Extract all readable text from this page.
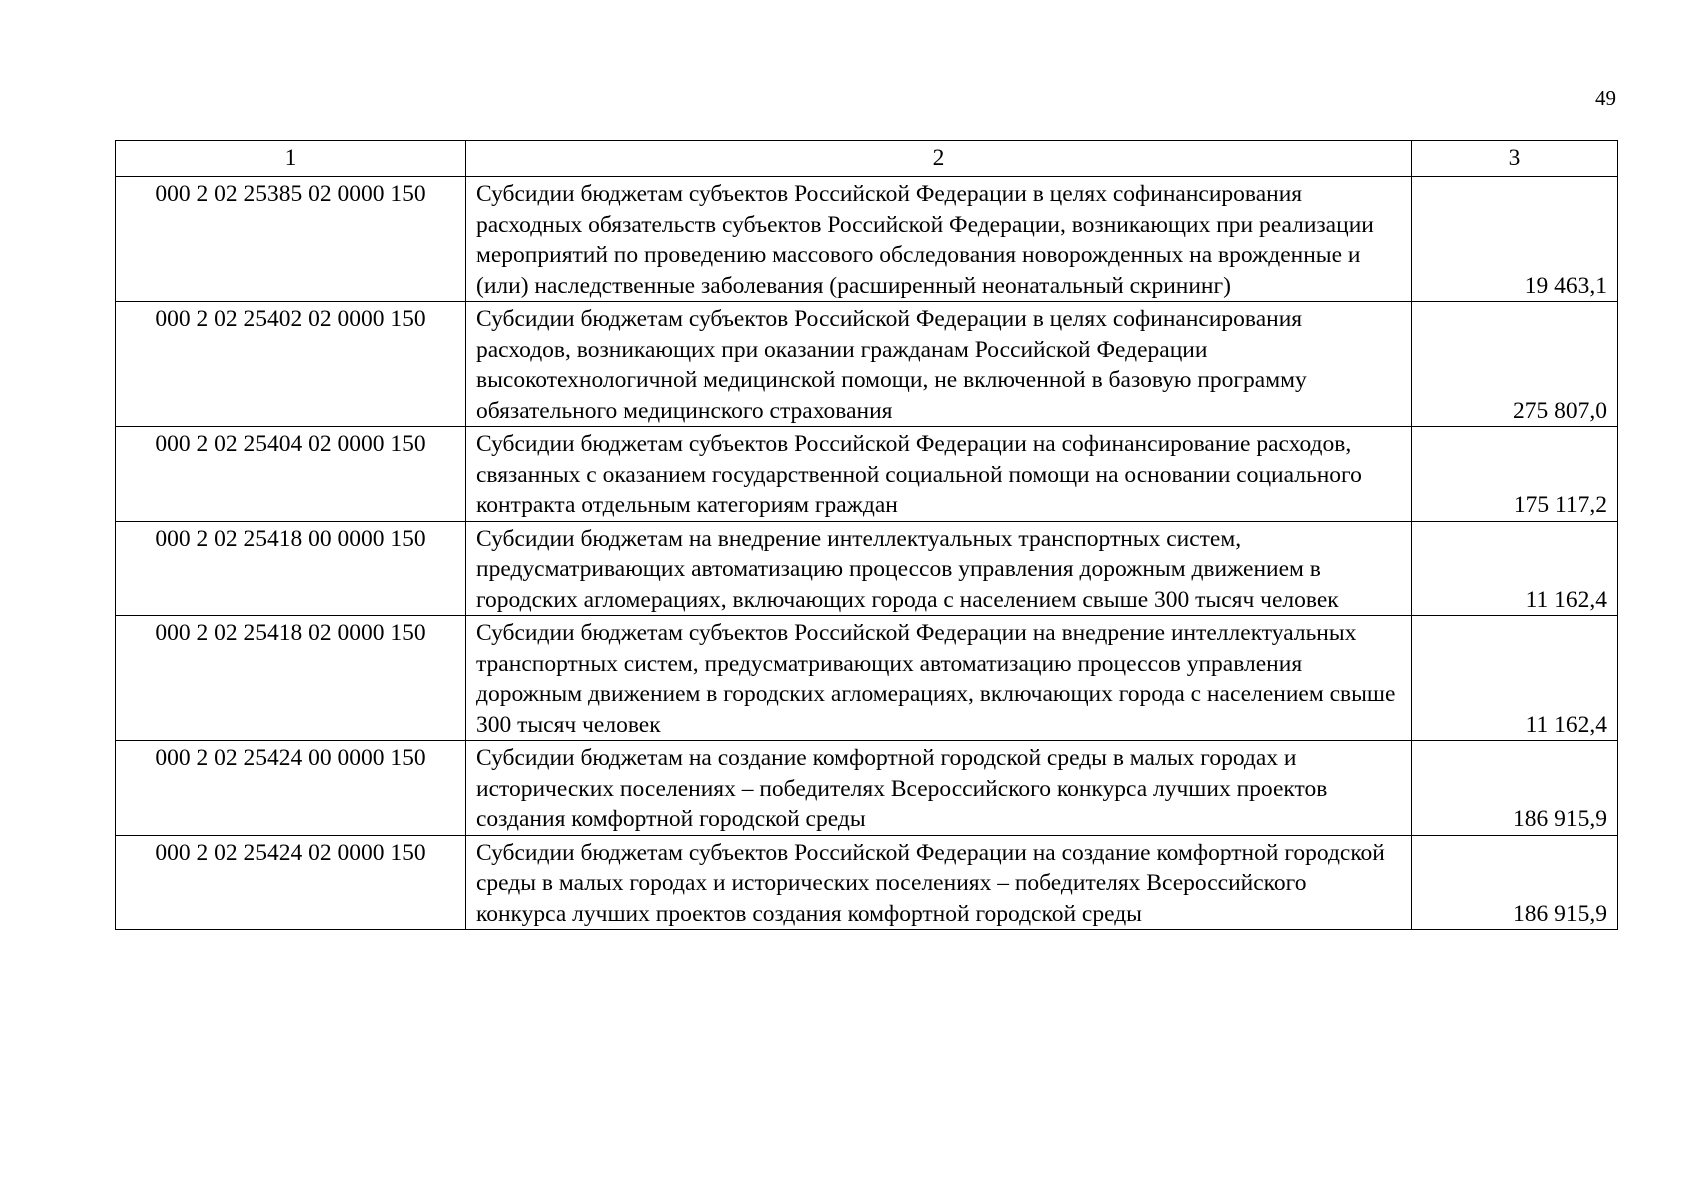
49
1	2	3
000 2 02 25385 02 0000 150	Субсидии бюджетам субъектов Российской Федерации в целях софинансирования расходных обязательств субъектов Российской Федерации, возникающих при реализации мероприятий по проведению массового обследования новорожденных на врожденные и (или) наследственные заболевания (расширенный неонатальный скрининг)	19 463,1
000 2 02 25402 02 0000 150	Субсидии бюджетам субъектов Российской Федерации в целях софинансирования расходов, возникающих при оказании гражданам Российской Федерации высокотехнологичной медицинской помощи, не включенной в базовую программу обязательного медицинского страхования	275 807,0
000 2 02 25404 02 0000 150	Субсидии бюджетам субъектов Российской Федерации на софинансирование расходов, связанных с оказанием государственной социальной помощи на основании социального контракта отдельным категориям граждан	175 117,2
000 2 02 25418 00 0000 150	Субсидии бюджетам на внедрение интеллектуальных транспортных систем, предусматривающих автоматизацию процессов управления дорожным движением в городских агломерациях, включающих города с населением свыше 300 тысяч человек	11 162,4
000 2 02 25418 02 0000 150	Субсидии бюджетам субъектов Российской Федерации на внедрение интеллектуальных транспортных систем, предусматривающих автоматизацию процессов управления дорожным движением в городских агломерациях, включающих города с населением свыше 300 тысяч человек	11 162,4
000 2 02 25424 00 0000 150	Субсидии бюджетам на создание комфортной городской среды в малых городах и исторических поселениях – победителях Всероссийского конкурса лучших проектов создания комфортной городской среды	186 915,9
000 2 02 25424 02 0000 150	Субсидии бюджетам субъектов Российской Федерации на создание комфортной городской среды в малых городах и исторических поселениях – победителях Всероссийского конкурса лучших проектов создания комфортной городской среды	186 915,9
